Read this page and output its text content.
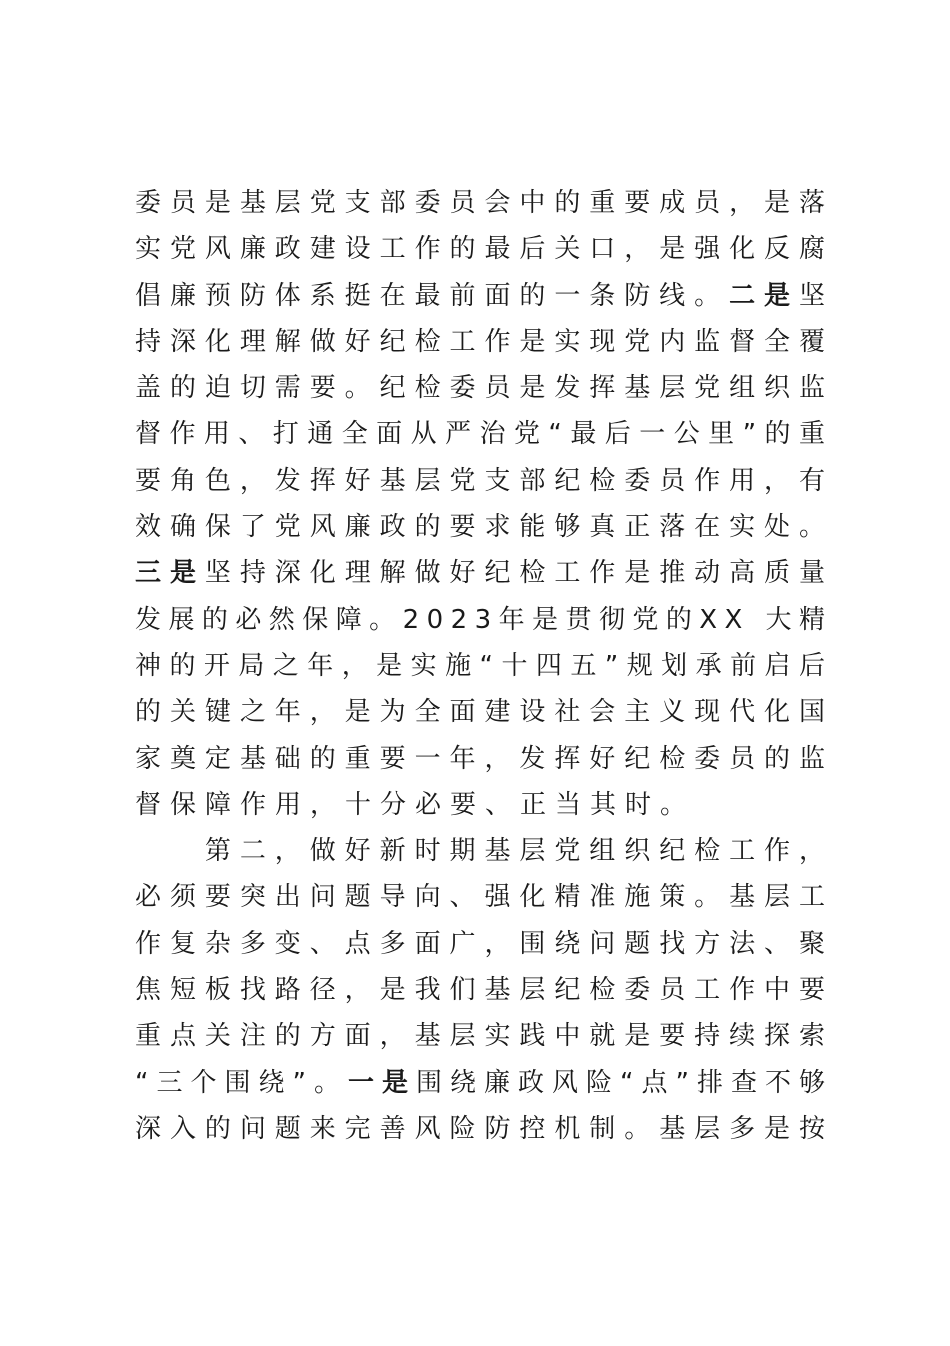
委员是基层党支部委员会中的重要成员，是落
实党风廉政建设工作的最后关口，是强化反腐
倡廉预防体系挺在最前面的一条防线。二是坚
持深化理解做好纪检工作是实现党内监督全覆
盖的迫切需要。纪检委员是发挥基层党组织监
督作用、打通全面从严治党“最后一公里”的重
要角色，发挥好基层党支部纪检委员作用，有
效确保了党风廉政的要求能够真正落在实处。
三是坚持深化理解做好纪检工作是推动高质量
发展的必然保障。2023年是贯彻党的XX 大精
神的开局之年，是实施“十四五”规划承前启后
的关键之年，是为全面建设社会主义现代化国
家奠定基础的重要一年，发挥好纪检委员的监
督保障作用，十分必要、正当其时。
　　第二，做好新时期基层党组织纪检工作，
必须要突出问题导向、强化精准施策。基层工
作复杂多变、点多面广，围绕问题找方法、聚
焦短板找路径，是我们基层纪检委员工作中要
重点关注的方面，基层实践中就是要持续探索
“三个围绕”。一是围绕廉政风险“点”排查不够
深入的问题来完善风险防控机制。基层多是按
